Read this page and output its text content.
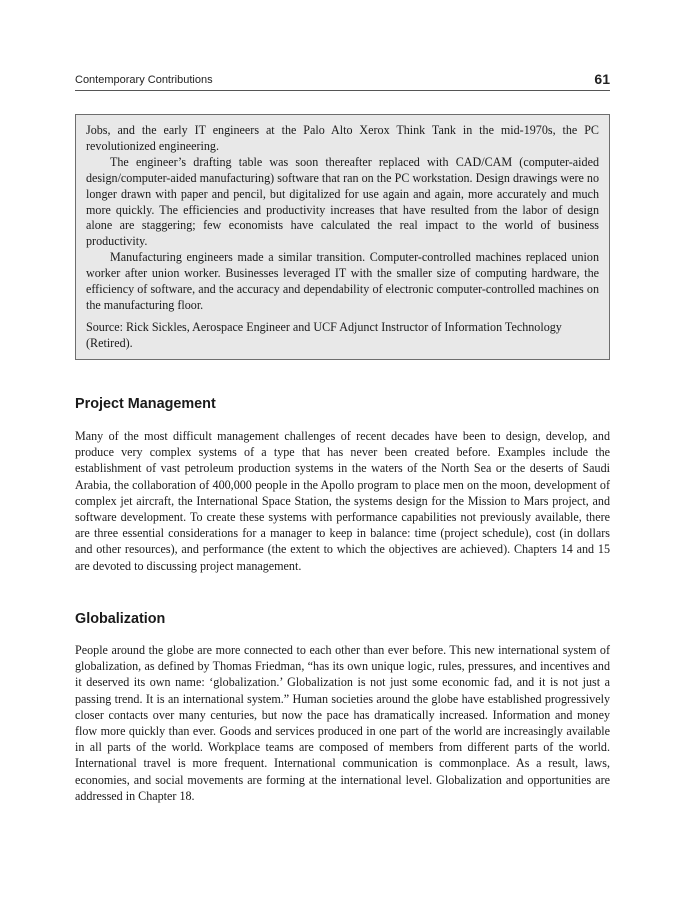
Contemporary Contributions	61

Jobs, and the early IT engineers at the Palo Alto Xerox Think Tank in the mid-1970s, the PC revolutionized engineering.

The engineer’s drafting table was soon thereafter replaced with CAD/CAM (computer-aided design/computer-aided manufacturing) software that ran on the PC workstation. Design drawings were no longer drawn with paper and pencil, but digitalized for use again and again, more accurately and much more quickly. The efficiencies and productivity increases that have resulted from the labor of design alone are staggering; few economists have calculated the real impact to the world of business productivity.

Manufacturing engineers made a similar transition. Computer-controlled machines replaced union worker after union worker. Businesses leveraged IT with the smaller size of computing hardware, the efficiency of software, and the accuracy and dependability of electronic computer-controlled machines on the manufacturing floor.

Source: Rick Sickles, Aerospace Engineer and UCF Adjunct Instructor of Information Technology (Retired).

Project Management

Many of the most difficult management challenges of recent decades have been to design, develop, and produce very complex systems of a type that has never been created before. Examples include the establishment of vast petroleum production systems in the waters of the North Sea or the deserts of Saudi Arabia, the collaboration of 400,000 people in the Apollo program to place men on the moon, development of complex jet aircraft, the International Space Station, the systems design for the Mission to Mars project, and software development. To create these systems with performance capabilities not previously available, there are three essential considerations for a manager to keep in balance: time (project schedule), cost (in dollars and other resources), and performance (the extent to which the objectives are achieved). Chapters 14 and 15 are devoted to discussing project management.

Globalization

People around the globe are more connected to each other than ever before. This new international system of globalization, as defined by Thomas Friedman, “has its own unique logic, rules, pressures, and incentives and it deserved its own name: ‘globalization.’ Globalization is not just some economic fad, and it is not just a passing trend. It is an international system.” Human societies around the globe have established progressively closer contacts over many centuries, but now the pace has dramatically increased. Information and money flow more quickly than ever. Goods and services produced in one part of the world are increasingly available in all parts of the world. Workplace teams are composed of members from different parts of the world. International travel is more frequent. International communication is commonplace. As a result, laws, economies, and social movements are forming at the international level. Globalization and opportunities are addressed in Chapter 18.
